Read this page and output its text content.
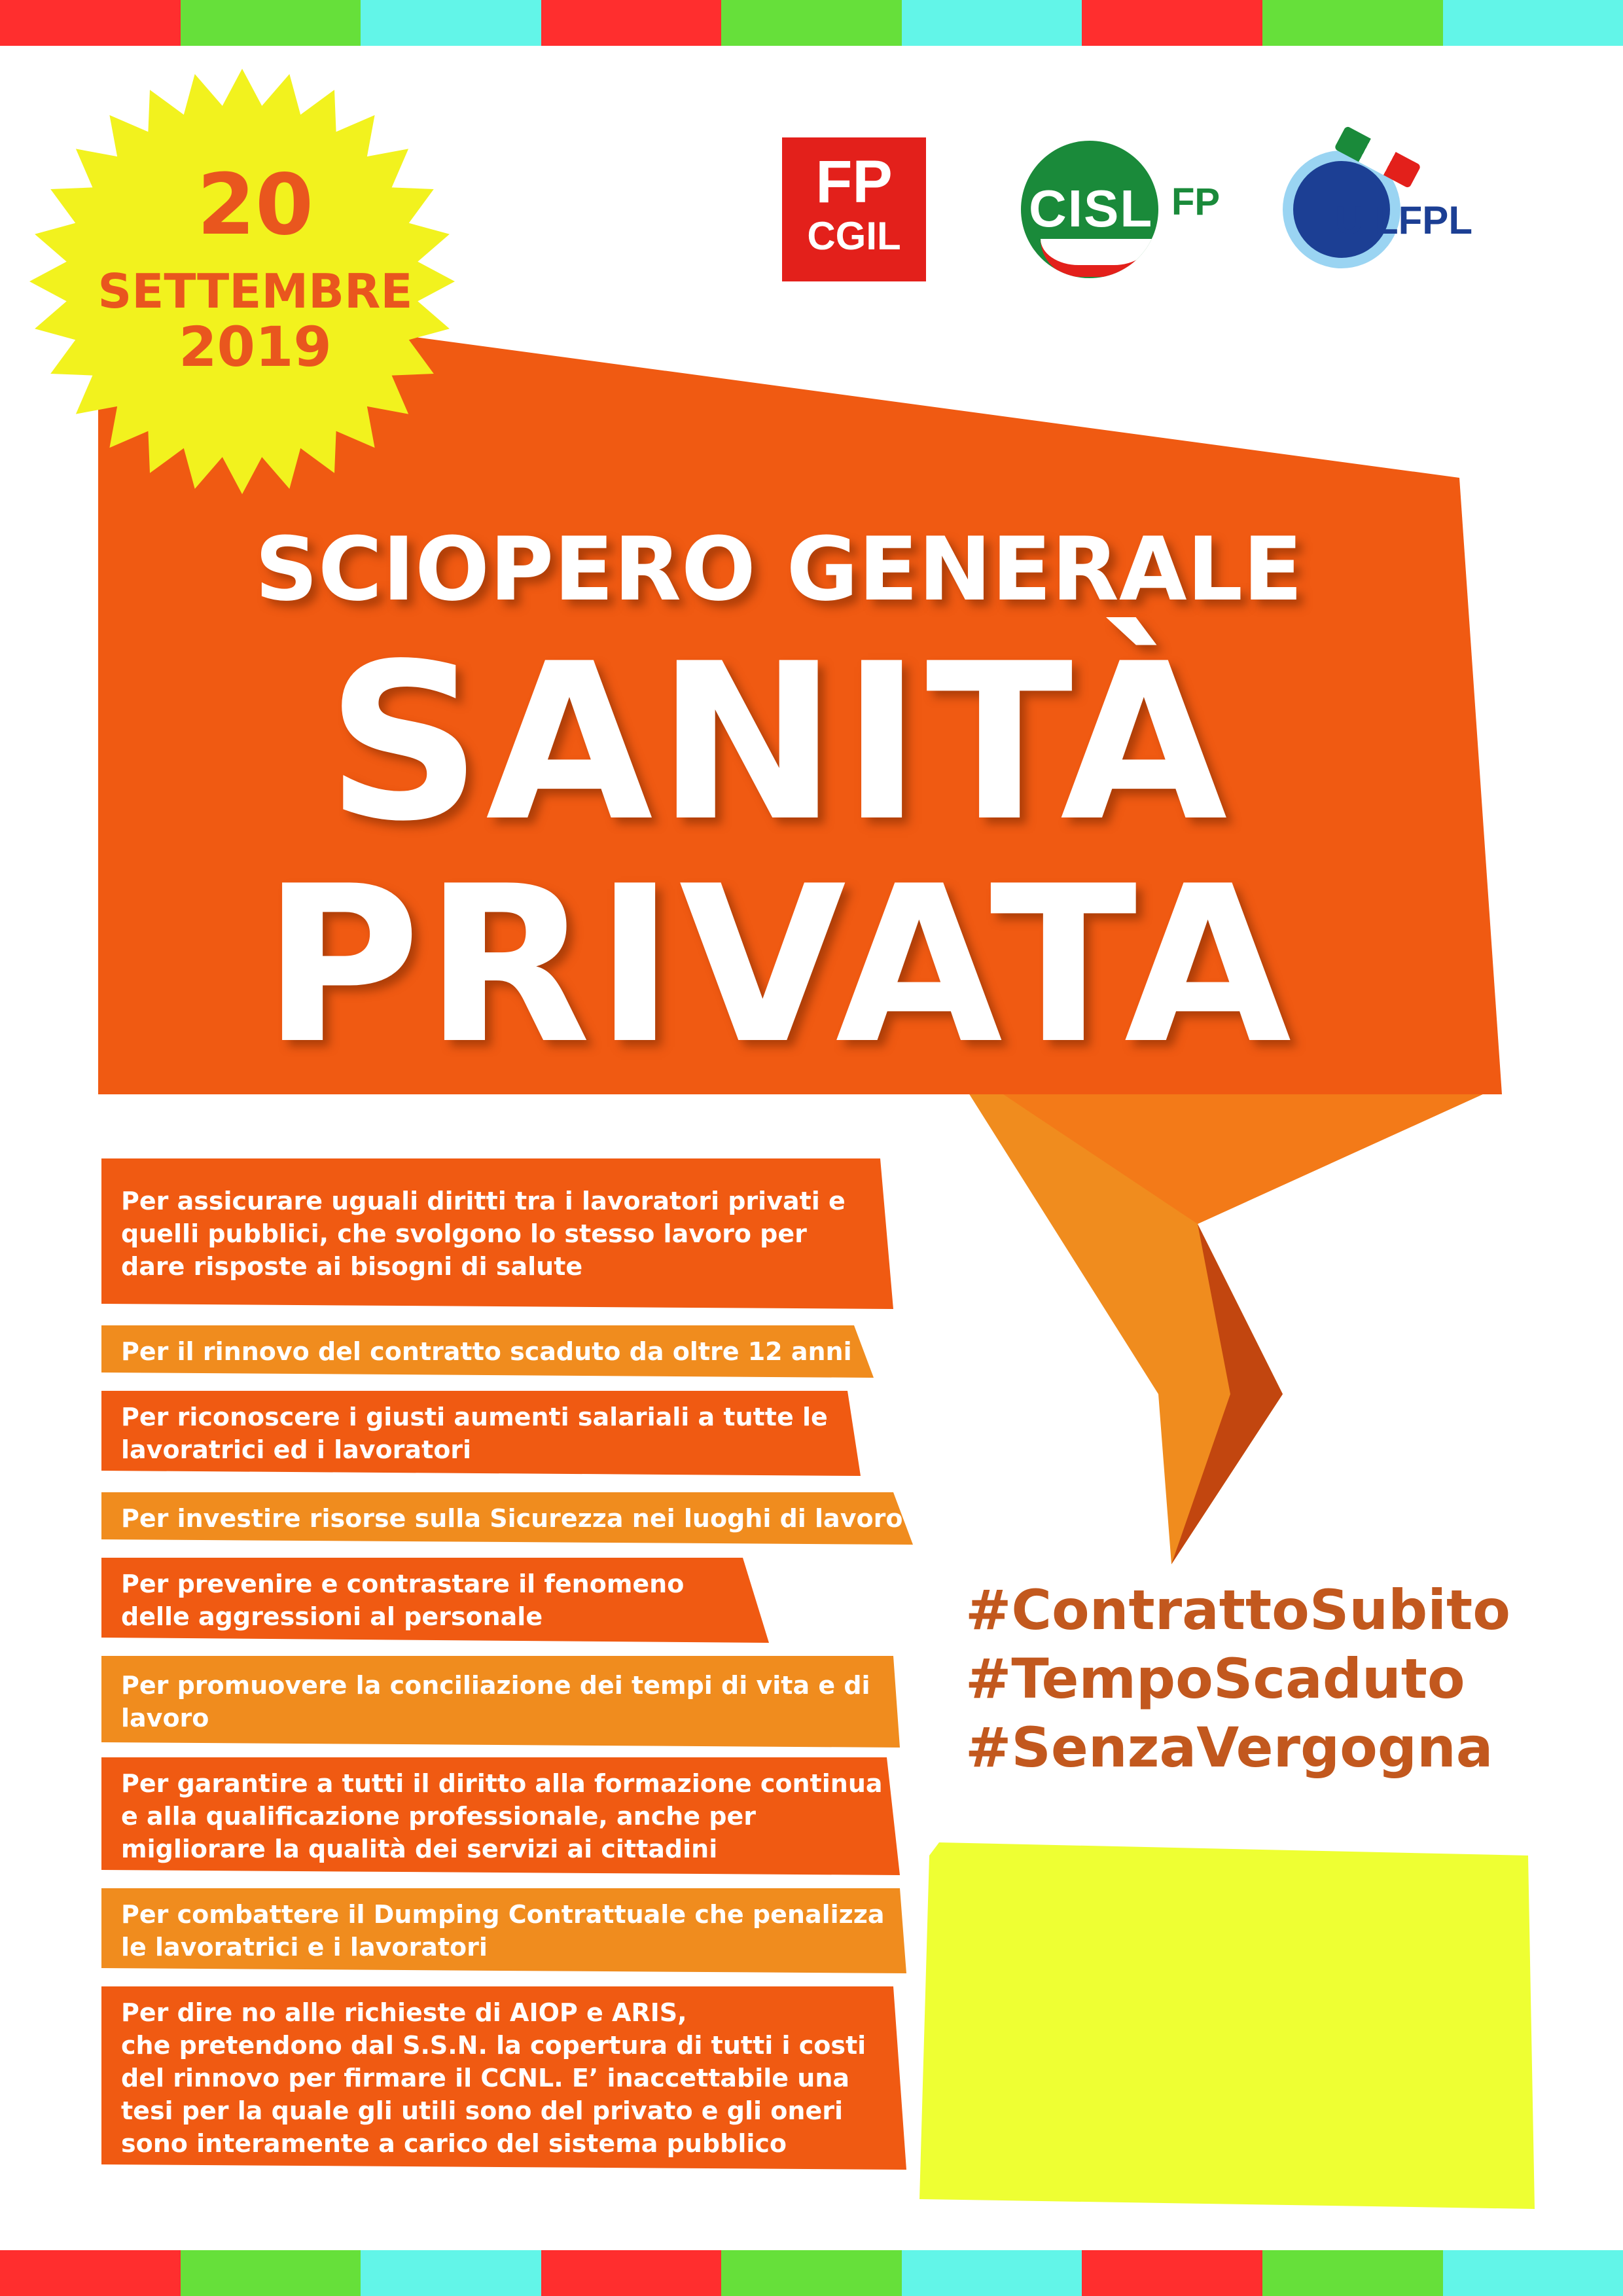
20
SETTEMBRE
2019
FP
CGIL	CISL FP	UILFPL
SCIOPERO GENERALE
SANITÀ
PRIVATA
Per assicurare uguali diritti tra i lavoratori privati e
quelli pubblici, che svolgono lo stesso lavoro per
dare risposte ai bisogni di salute
Per il rinnovo del contratto scaduto da oltre 12 anni
Per riconoscere i giusti aumenti salariali a tutte le
lavoratrici ed i lavoratori
Per investire risorse sulla Sicurezza nei luoghi di lavoro
Per prevenire e contrastare il fenomeno
delle aggressioni al personale
Per promuovere la conciliazione dei tempi di vita e di
lavoro
Per garantire a tutti il diritto alla formazione continua
e alla qualificazione professionale, anche per
migliorare la qualità dei servizi ai cittadini
Per combattere il Dumping Contrattuale che penalizza
le lavoratrici e i lavoratori
Per dire no alle richieste di AIOP e ARIS,
che pretendono dal S.S.N. la copertura di tutti i costi
del rinnovo per firmare il CCNL. E’ inaccettabile una
tesi per la quale gli utili sono del privato e gli oneri
sono interamente a carico del sistema pubblico
#ContrattoSubito
#TempoScaduto
#SenzaVergogna
